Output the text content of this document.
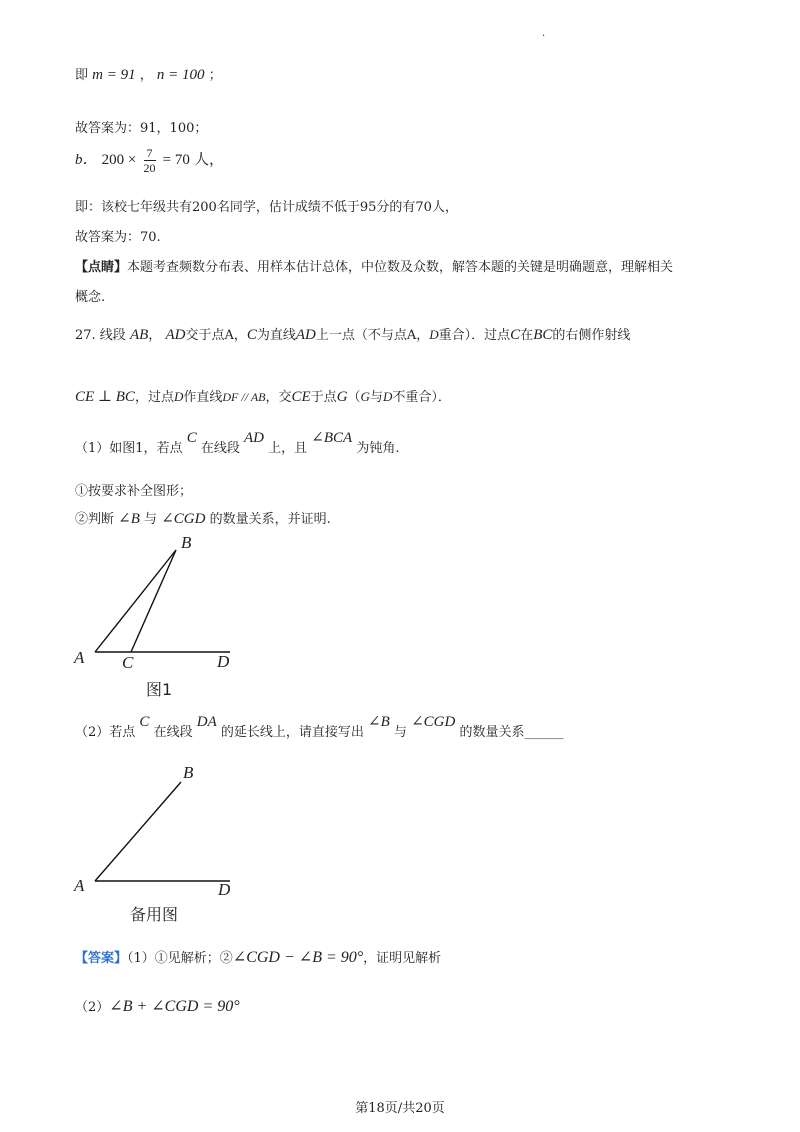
.
即 m = 91 ， n = 100 ；
故答案为：91，100；
b． $200 \times \frac{7}{20} = 70$ 人，
即：该校七年级共有200名同学，估计成绩不低于95分的有70人，
故答案为：70.
【点睛】本题考查频数分布表、用样本估计总体，中位数及众数，解答本题的关键是明确题意，理解相关
概念.
27. 线段 AB， AD交于点A，C为直线AD上一点（不与点A，D重合）．过点C在BC的右侧作射线
CE ⊥ BC，过点D作直线DF // AB，交CE于点G（G与D不重合）．
（1）如图1，若点 C 在线段 AD 上，且 ∠BCA 为钝角.
①按要求补全图形；
②判断 ∠B 与 ∠CGD 的数量关系，并证明.
B
A C	D
图1
（2）若点 C 在线段 DA 的延长线上，请直接写出 ∠B 与 ∠CGD 的数量关系______
B
A	D
备用图
【答案】（1）①见解析；②∠CGD − ∠B = 90°，证明见解析
（2）∠B + ∠CGD = 90°
第18页/共20页
